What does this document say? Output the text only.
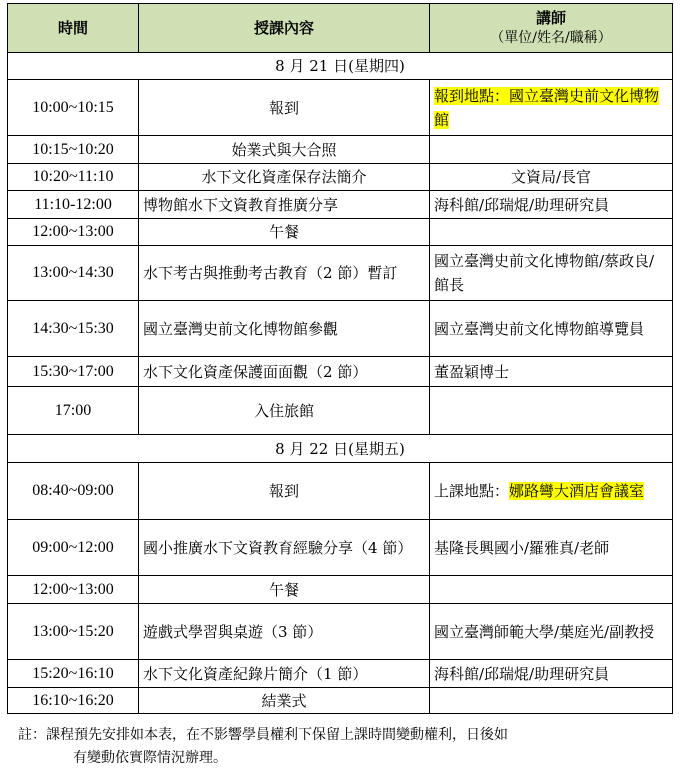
時間	授課內容	講師
（單位/姓名/職稱）

8 月 21 日(星期四)		
10:00~10:15	報到	報到地點：國立臺灣史前文化博物館
10:15~10:20	始業式與大合照	
10:20~11:10	水下文化資產保存法簡介	文資局/長官
11:10-12:00	博物館水下文資教育推廣分享	海科館/邱瑞焜/助理研究員
12:00~13:00	午餐	
13:00~14:30	水下考古與推動考古教育（2 節）暫訂	國立臺灣史前文化博物館/蔡政良/館長
14:30~15:30	國立臺灣史前文化博物館參觀	國立臺灣史前文化博物館導覽員
15:30~17:00	水下文化資產保護面面觀（2 節）	董盈穎博士
17:00	入住旅館	
8 月 22 日(星期五)		
08:40~09:00	報到	上課地點：娜路彎大酒店會議室
09:00~12:00	國小推廣水下文資教育經驗分享（4 節）	基隆長興國小/羅雅真/老師
12:00~13:00	午餐	
13:00~15:20	遊戲式學習與桌遊（3 節）	國立臺灣師範大學/葉庭光/副教授
15:20~16:10	水下文化資產紀錄片簡介（1 節）	海科館/邱瑞焜/助理研究員
16:10~16:20	結業式	
註：課程預先安排如本表，在不影響學員權利下保留上課時間變動權利，日後如
有變動依實際情況辦理。
